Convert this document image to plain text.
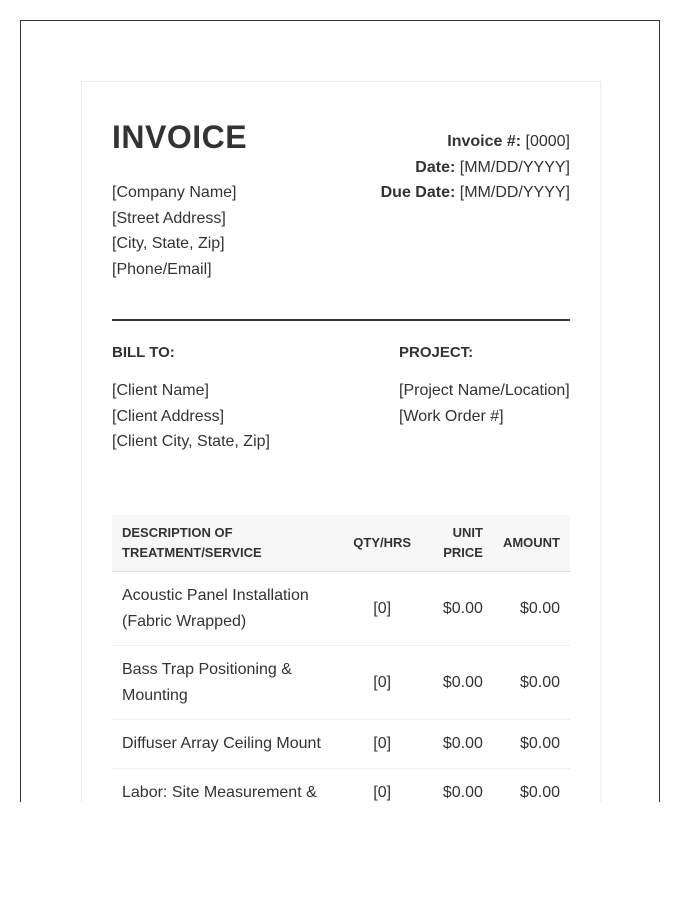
INVOICE
[Company Name]
[Street Address]
[City, State, Zip]
[Phone/Email]
Invoice #: [0000]
Date: [MM/DD/YYYY]
Due Date: [MM/DD/YYYY]
BILL TO:
[Client Name]
[Client Address]
[Client City, State, Zip]
PROJECT:
[Project Name/Location]
[Work Order #]
DESCRIPTION OF TREATMENT/SERVICE	QTY/HRS	UNIT PRICE	AMOUNT
Acoustic Panel Installation (Fabric Wrapped)	[0]	$0.00	$0.00
Bass Trap Positioning & Mounting	[0]	$0.00	$0.00
Diffuser Array Ceiling Mount	[0]	$0.00	$0.00
Labor: Site Measurement &	[0]	$0.00	$0.00
